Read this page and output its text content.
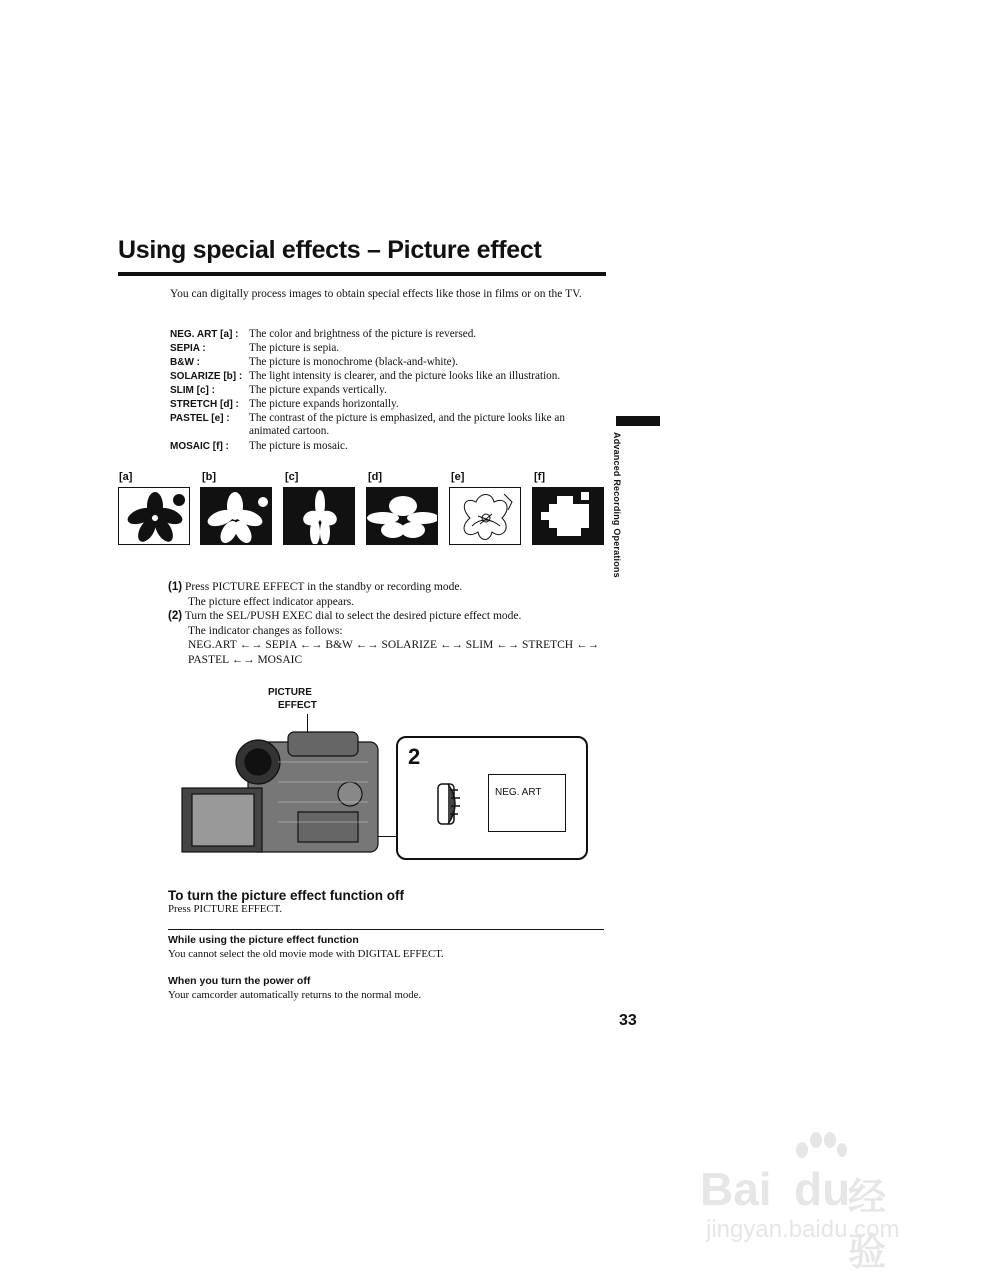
Using special effects – Picture effect
You can digitally process images to obtain special effects like those in films or on the TV.
NEG. ART [a] : The color and brightness of the picture is reversed.
SEPIA :	The picture is sepia.
B&W :	The picture is monochrome (black-and-white).
SOLARIZE [b] : The light intensity is clearer, and the picture looks like an illustration.
SLIM [c] :	The picture expands vertically.
STRETCH [d] : The picture expands horizontally.
PASTEL [e] :	The contrast of the picture is emphasized, and the picture looks like an animated cartoon.
MOSAIC [f] :	The picture is mosaic.
[a]	[b]	[c]	[d]	[e]	[f]	Advanced Recording Operations
(1) Press PICTURE EFFECT in the standby or recording mode.
The picture effect indicator appears.
(2) Turn the SEL/PUSH EXEC dial to select the desired picture effect mode.
The indicator changes as follows:
NEG.ART ←→ SEPIA ←→ B&W ←→ SOLARIZE ←→ SLIM ←→ STRETCH ←→
PASTEL ←→ MOSAIC
PICTURE
EFFECT
2
NEG. ART
To turn the picture effect function off
Press PICTURE EFFECT.
While using the picture effect function
You cannot select the old movie mode with DIGITAL EFFECT.
When you turn the power off
Your camcorder automatically returns to the normal mode.
33
Bai du
经验
jingyan.baidu.com
